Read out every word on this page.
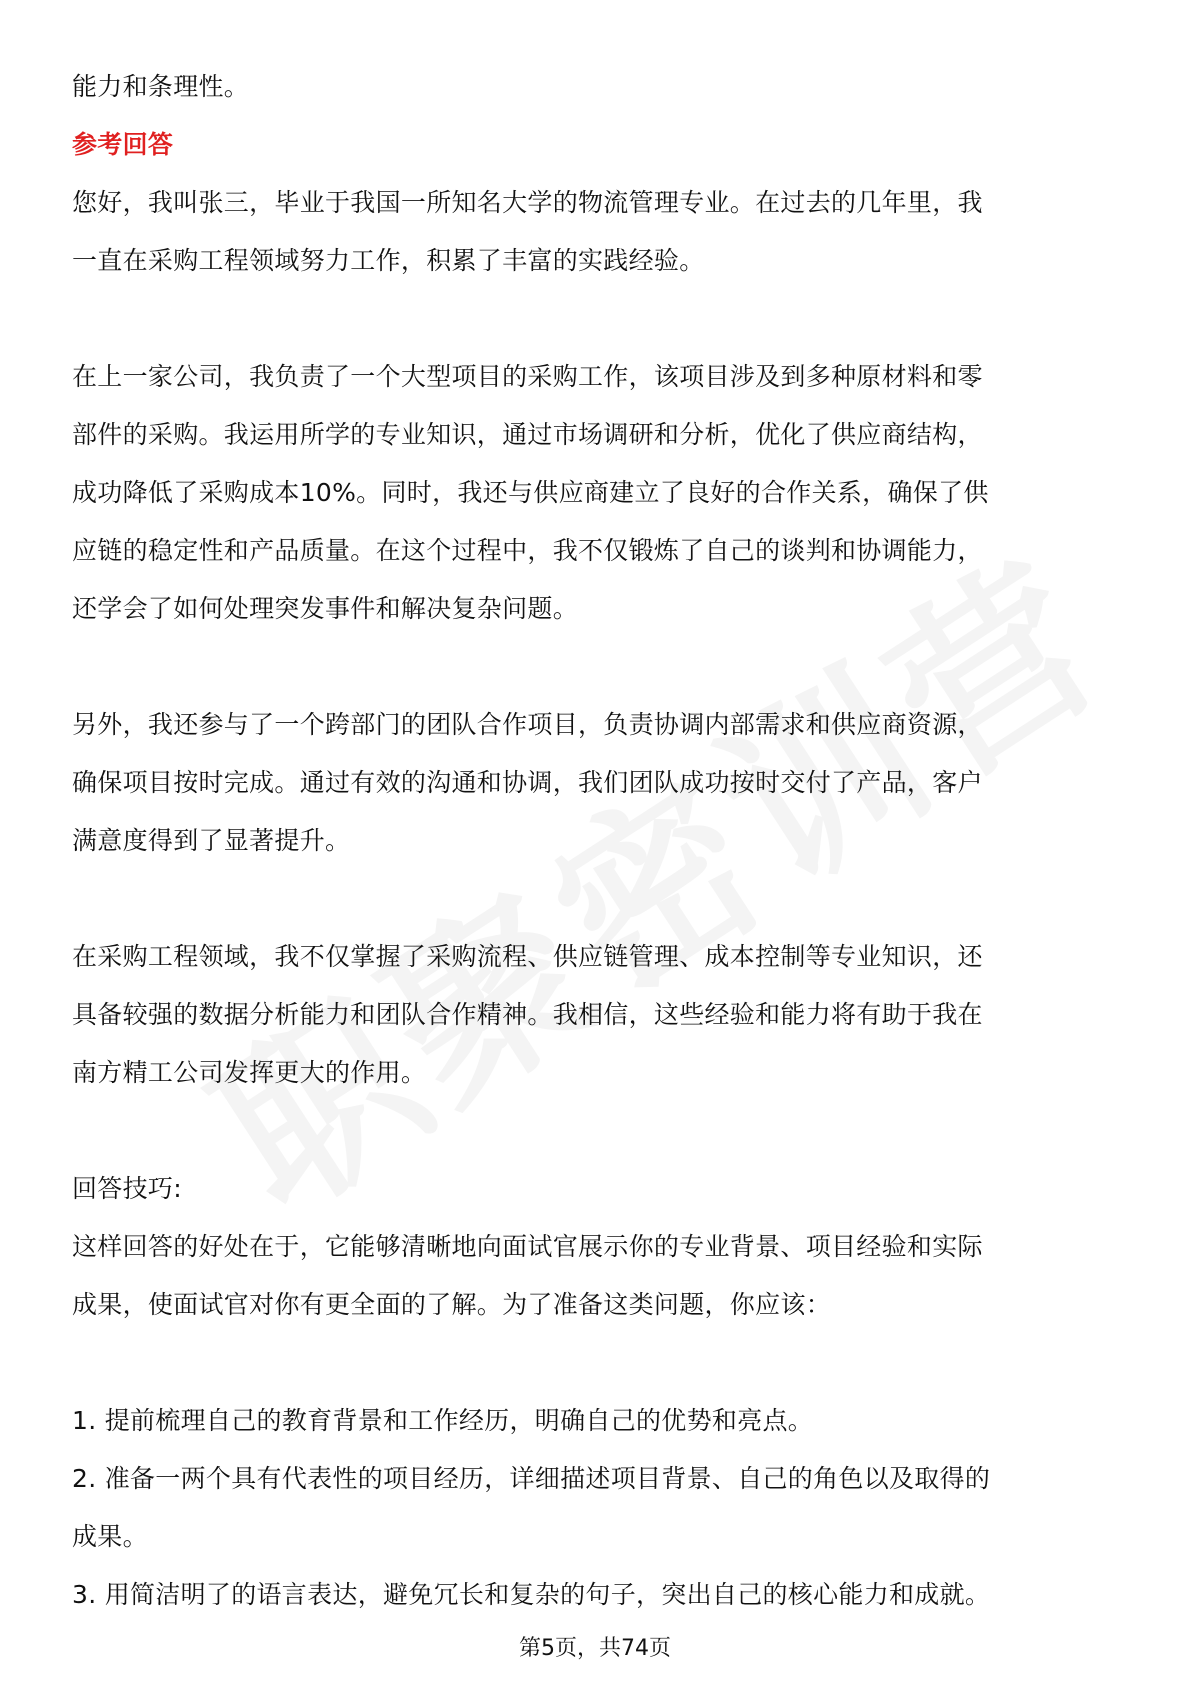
能力和条理性。
参考回答
您好，我叫张三，毕业于我国一所知名大学的物流管理专业。在过去的几年里，我
一直在采购工程领域努力工作，积累了丰富的实践经验。
在上一家公司，我负责了一个大型项目的采购工作，该项目涉及到多种原材料和零
部件的采购。我运用所学的专业知识，通过市场调研和分析，优化了供应商结构，
成功降低了采购成本10%。同时，我还与供应商建立了良好的合作关系，确保了供
应链的稳定性和产品质量。在这个过程中，我不仅锻炼了自己的谈判和协调能力，
还学会了如何处理突发事件和解决复杂问题。
另外，我还参与了一个跨部门的团队合作项目，负责协调内部需求和供应商资源，
确保项目按时完成。通过有效的沟通和协调，我们团队成功按时交付了产品，客户
满意度得到了显著提升。
在采购工程领域，我不仅掌握了采购流程、供应链管理、成本控制等专业知识，还
具备较强的数据分析能力和团队合作精神。我相信，这些经验和能力将有助于我在
南方精工公司发挥更大的作用。
回答技巧:
这样回答的好处在于，它能够清晰地向面试官展示你的专业背景、项目经验和实际
成果，使面试官对你有更全面的了解。为了准备这类问题，你应该：
1. 提前梳理自己的教育背景和工作经历，明确自己的优势和亮点。
2. 准备一两个具有代表性的项目经历，详细描述项目背景、自己的角色以及取得的
成果。
3. 用简洁明了的语言表达，避免冗长和复杂的句子，突出自己的核心能力和成就。
第5页，共74页
